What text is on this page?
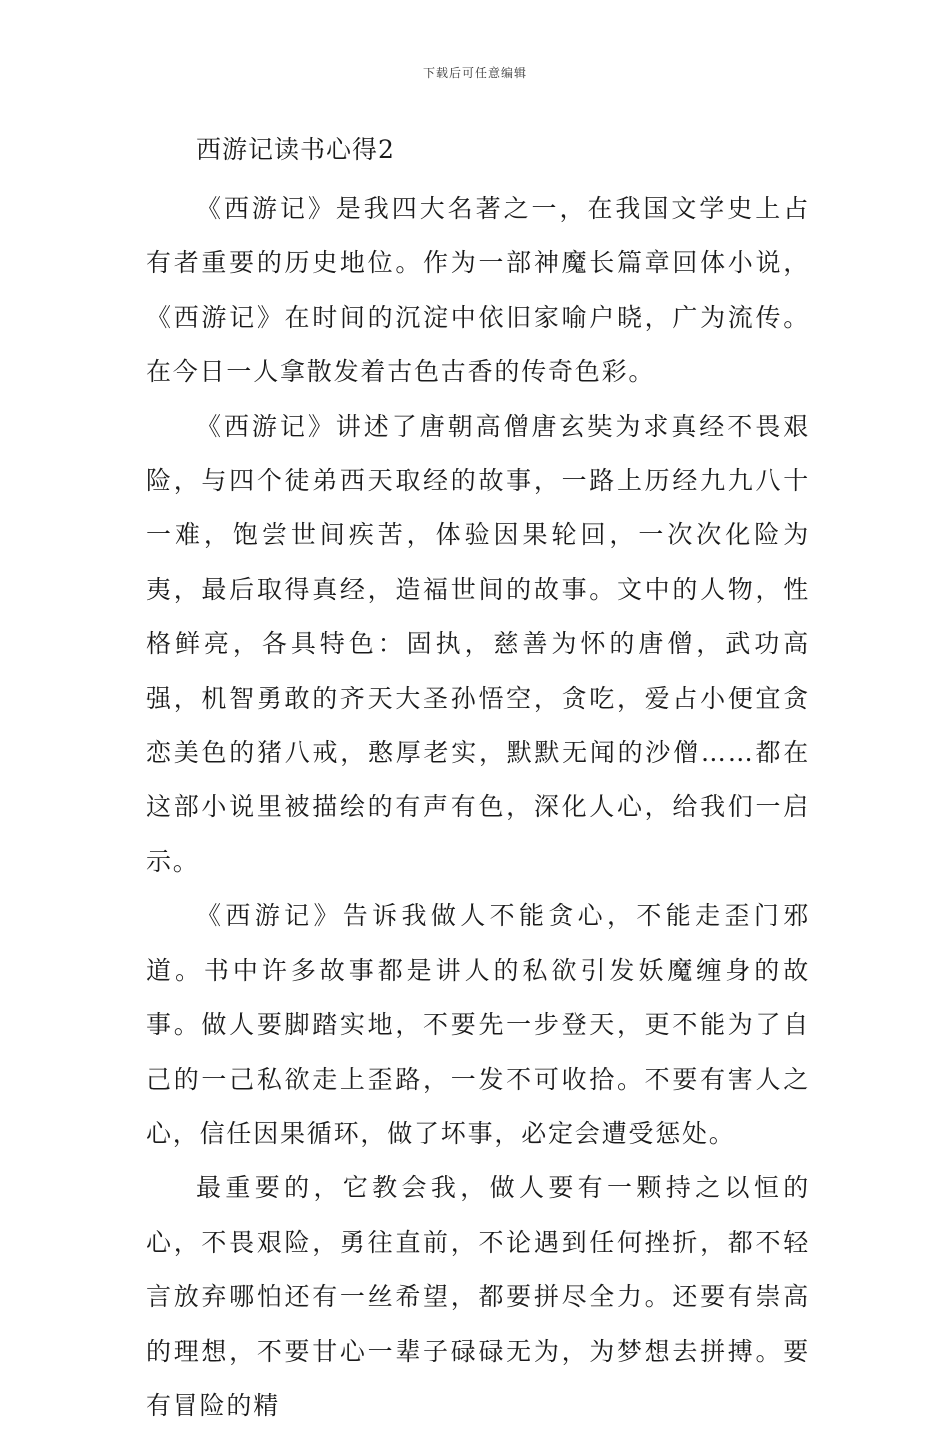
下载后可任意编辑
西游记读书心得2

《西游记》是我四大名著之一，在我国文学史上占有者重要的历史地位。作为一部神魔长篇章回体小说，《西游记》在时间的沉淀中依旧家喻户晓，广为流传。在今日一人拿散发着古色古香的传奇色彩。

《西游记》讲述了唐朝高僧唐玄奘为求真经不畏艰险，与四个徒弟西天取经的故事，一路上历经九九八十一难，饱尝世间疾苦，体验因果轮回，一次次化险为夷，最后取得真经，造福世间的故事。文中的人物，性格鲜亮，各具特色：固执，慈善为怀的唐僧，武功高强，机智勇敢的齐天大圣孙悟空，贪吃，爱占小便宜贪恋美色的猪八戒，憨厚老实，默默无闻的沙僧……都在这部小说里被描绘的有声有色，深化人心，给我们一启示。

《西游记》告诉我做人不能贪心，不能走歪门邪道。书中许多故事都是讲人的私欲引发妖魔缠身的故事。做人要脚踏实地，不要先一步登天，更不能为了自己的一己私欲走上歪路，一发不可收拾。不要有害人之心，信任因果循环，做了坏事，必定会遭受惩处。

最重要的，它教会我，做人要有一颗持之以恒的心，不畏艰险，勇往直前，不论遇到任何挫折，都不轻言放弃哪怕还有一丝希望，都要拼尽全力。还要有崇高的理想，不要甘心一辈子碌碌无为，为梦想去拼搏。要有冒险的精
